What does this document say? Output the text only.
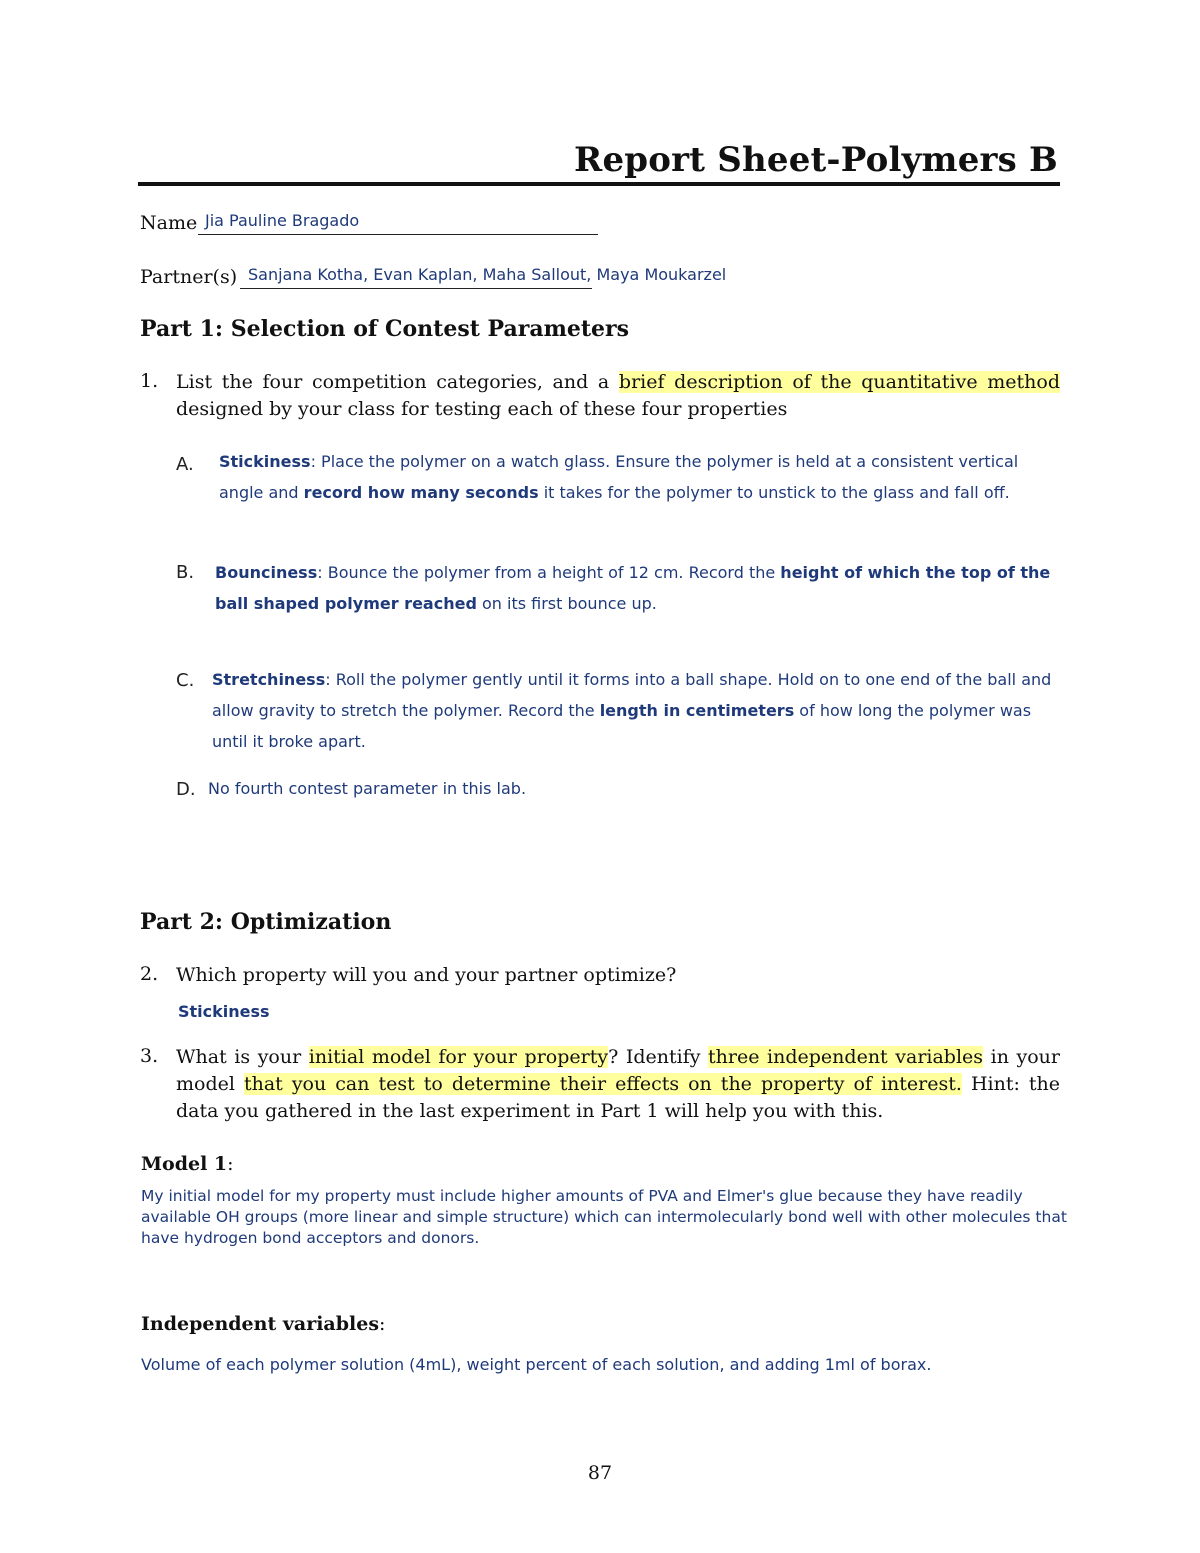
Report Sheet-Polymers B
Name Jia Pauline Bragado
Partner(s) Sanjana Kotha, Evan Kaplan, Maha Sallout, Maya Moukarzel
Part 1: Selection of Contest Parameters
1. List the four competition categories, and a brief description of the quantitative method designed by your class for testing each of these four properties
A. Stickiness: Place the polymer on a watch glass. Ensure the polymer is held at a consistent vertical angle and record how many seconds it takes for the polymer to unstick to the glass and fall off.
B. Bounciness: Bounce the polymer from a height of 12 cm. Record the height of which the top of the ball shaped polymer reached on its first bounce up.
C. Stretchiness: Roll the polymer gently until it forms into a ball shape. Hold on to one end of the ball and allow gravity to stretch the polymer. Record the length in centimeters of how long the polymer was until it broke apart.
D. No fourth contest parameter in this lab.
Part 2: Optimization
2. Which property will you and your partner optimize?
Stickiness
3. What is your initial model for your property? Identify three independent variables in your model that you can test to determine their effects on the property of interest. Hint: the data you gathered in the last experiment in Part 1 will help you with this.
Model 1:
My initial model for my property must include higher amounts of PVA and Elmer's glue because they have readily available OH groups (more linear and simple structure) which can intermolecularly bond well with other molecules that have hydrogen bond acceptors and donors.
Independent variables:
Volume of each polymer solution (4mL), weight percent of each solution, and adding 1ml of borax.
87
